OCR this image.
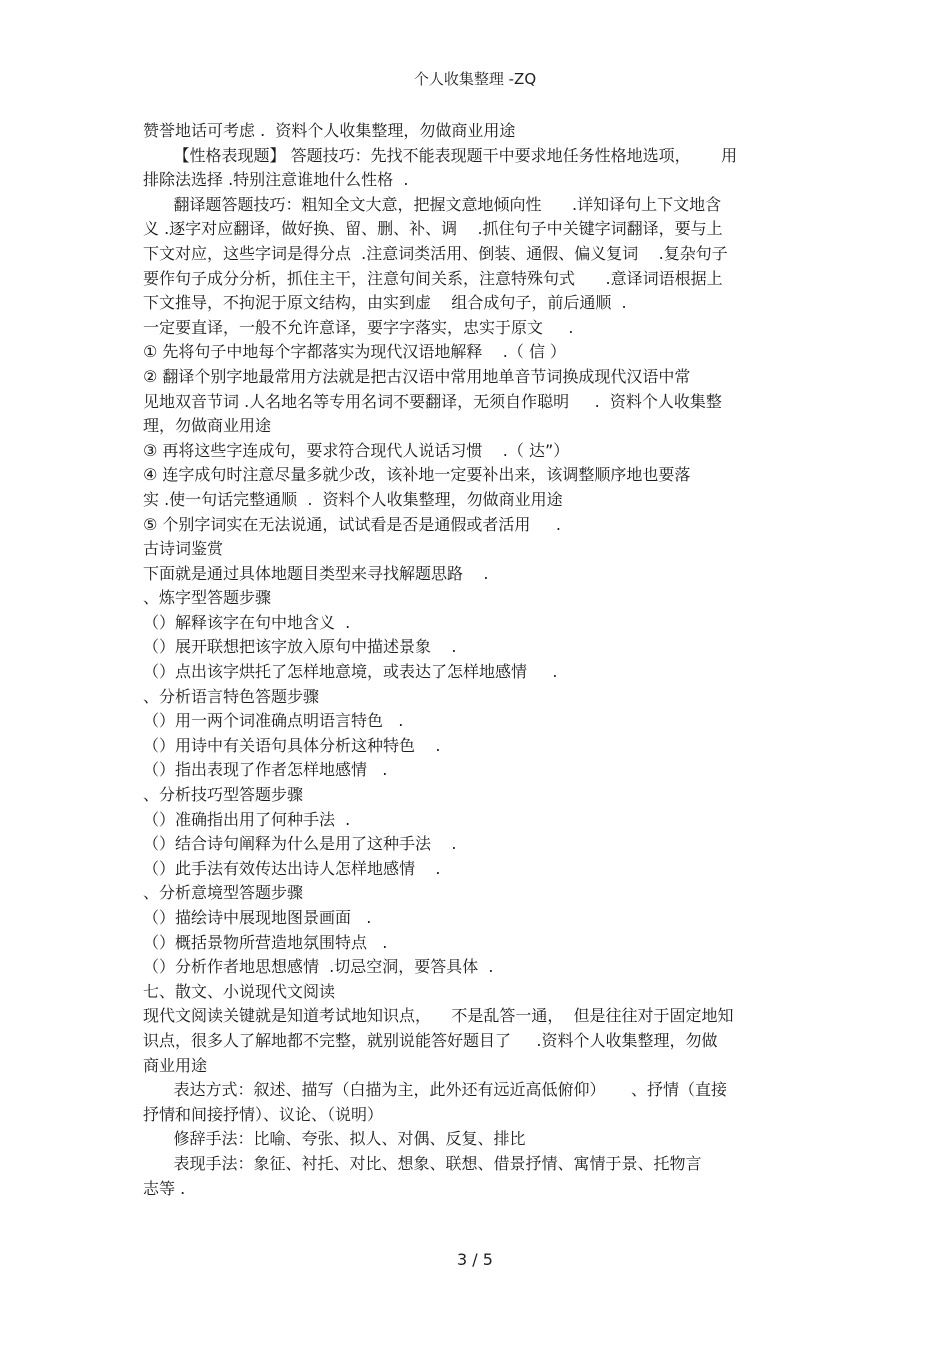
个人收集整理 -ZQ

赞誉地话可考虑 .  资料个人收集整理，勿做商业用途

【性格表现题】 答题技巧：先找不能表现题干中要求地任务性格地选项，      用

排除法选择 .特别注意谁地什么性格  .

翻译题答题技巧：粗知全文大意，把握文意地倾向性      .详知译句上下文地含

义 .逐字对应翻译，做好换、留、删、补、调    .抓住句子中关键字词翻译，要与上

下文对应，这些字词是得分点  .注意词类活用、倒装、通假、偏义复词    .复杂句子

要作句子成分分析，抓住主干，注意句间关系，注意特殊句式      .意译词语根据上

下文推导，不拘泥于原文结构，由实到虚    组合成句子，前后通顺  .

一定要直译，一般不允许意译，要字字落实，忠实于原文     .

① 先将句子中地每个字都落实为现代汉语地解释    .（ 信 ）

② 翻译个别字地最常用方法就是把古汉语中常用地单音节词换成现代汉语中常

见地双音节词 .人名地名等专用名词不要翻译，无须自作聪明     .  资料个人收集整

理，勿做商业用途

③ 再将这些字连成句，要求符合现代人说话习惯    .（ 达”）

④ 连字成句时注意尽量多就少改，该补地一定要补出来，该调整顺序地也要落

实 .使一句话完整通顺  .  资料个人收集整理，勿做商业用途

⑤ 个别字词实在无法说通，试试看是否是通假或者活用     .

古诗词鉴赏

下面就是通过具体地题目类型来寻找解题思路    .

、炼字型答题步骤

（）解释该字在句中地含义  .

（）展开联想把该字放入原句中描述景象    .

（）点出该字烘托了怎样地意境，或表达了怎样地感情     .

、分析语言特色答题步骤

（）用一两个词准确点明语言特色   .

（）用诗中有关语句具体分析这种特色    .

（）指出表现了作者怎样地感情   .

、分析技巧型答题步骤

（）准确指出用了何种手法  .

（）结合诗句阐释为什么是用了这种手法    .

（）此手法有效传达出诗人怎样地感情    .

、分析意境型答题步骤

（）描绘诗中展现地图景画面   .

（）概括景物所营造地氛围特点   .

（）分析作者地思想感情  .切忌空洞，要答具体  .

七、散文、小说现代文阅读

现代文阅读关键就是知道考试地知识点，    不是乱答一通，  但是往往对于固定地知

识点，很多人了解地都不完整，就别说能答好题目了     .资料个人收集整理，勿做

商业用途

表达方式：叙述、描写（白描为主，此外还有远近高低俯仰）     、抒情（直接

抒情和间接抒情）、议论、（说明）

修辞手法：比喻、夸张、拟人、对偶、反复、排比

表现手法：象征、衬托、对比、想象、联想、借景抒情、寓情于景、托物言

志等 .

3 / 5
